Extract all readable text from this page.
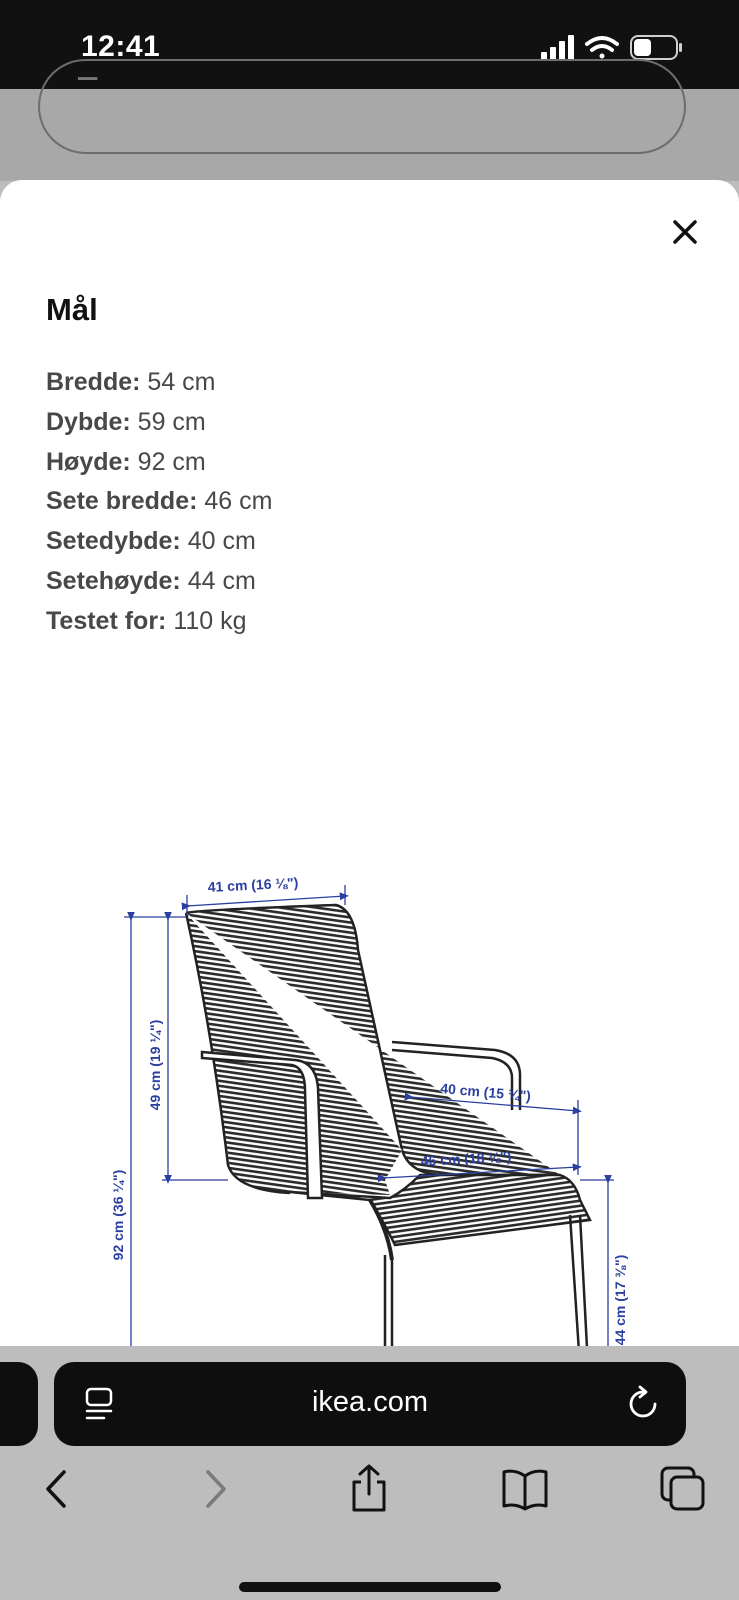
12:41
−	1	+
Mål
Bredde: 54 cm
Dybde: 59 cm
Høyde: 92 cm
Sete bredde: 46 cm
Setedybde: 40 cm
Setehøyde: 44 cm
Testet for: 110 kg
41 cm (16 ⅛")
92 cm (36 ¼")
49 cm (19 ¼")	40 cm (15 ¾")
46 cm (18 ⅛")
44 cm (17 ⅜")
ikea.com
